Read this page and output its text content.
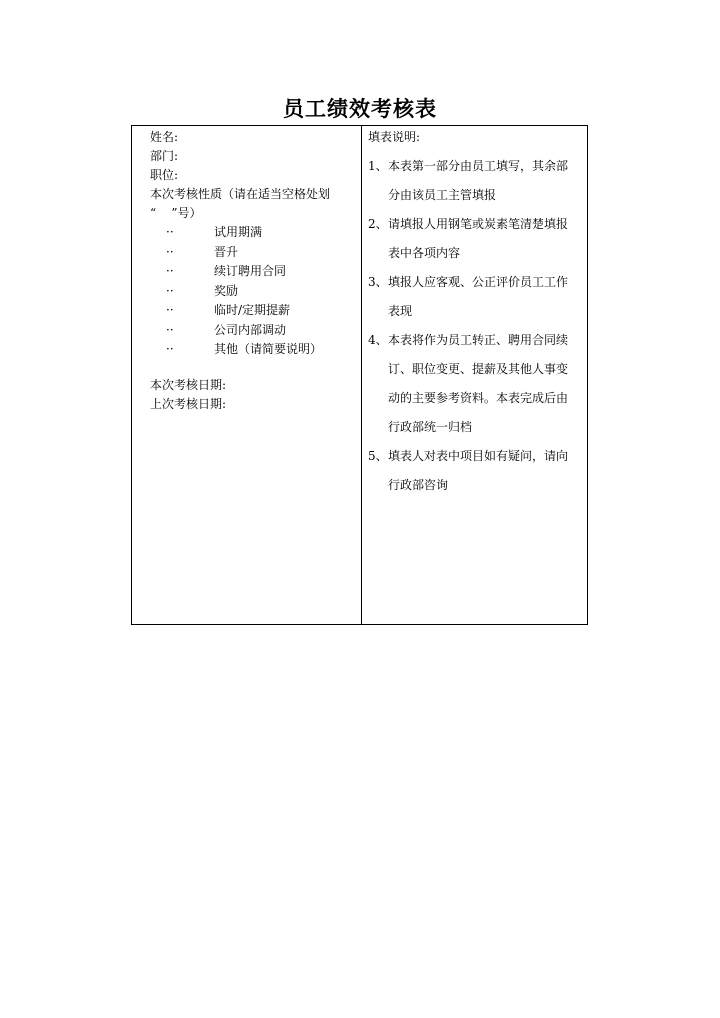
员工绩效考核表
姓名:
部门:
职位:
本次考核性质（请在适当空格处划
“    ”号）
··	试用期满
··	晋升
··	续订聘用合同
··	奖励
··	临时/定期提薪
··	公司内部调动
··	其他（请简要说明）
本次考核日期:
上次考核日期:
填表说明:
1、本表第一部分由员工填写，其余部
分由该员工主管填报
2、请填报人用钢笔或炭素笔清楚填报
表中各项内容
3、填报人应客观、公正评价员工工作
表现
4、本表将作为员工转正、聘用合同续
订、职位变更、提薪及其他人事变
动的主要参考资料。本表完成后由
行政部统一归档
5、填表人对表中项目如有疑问，请向
行政部咨询
